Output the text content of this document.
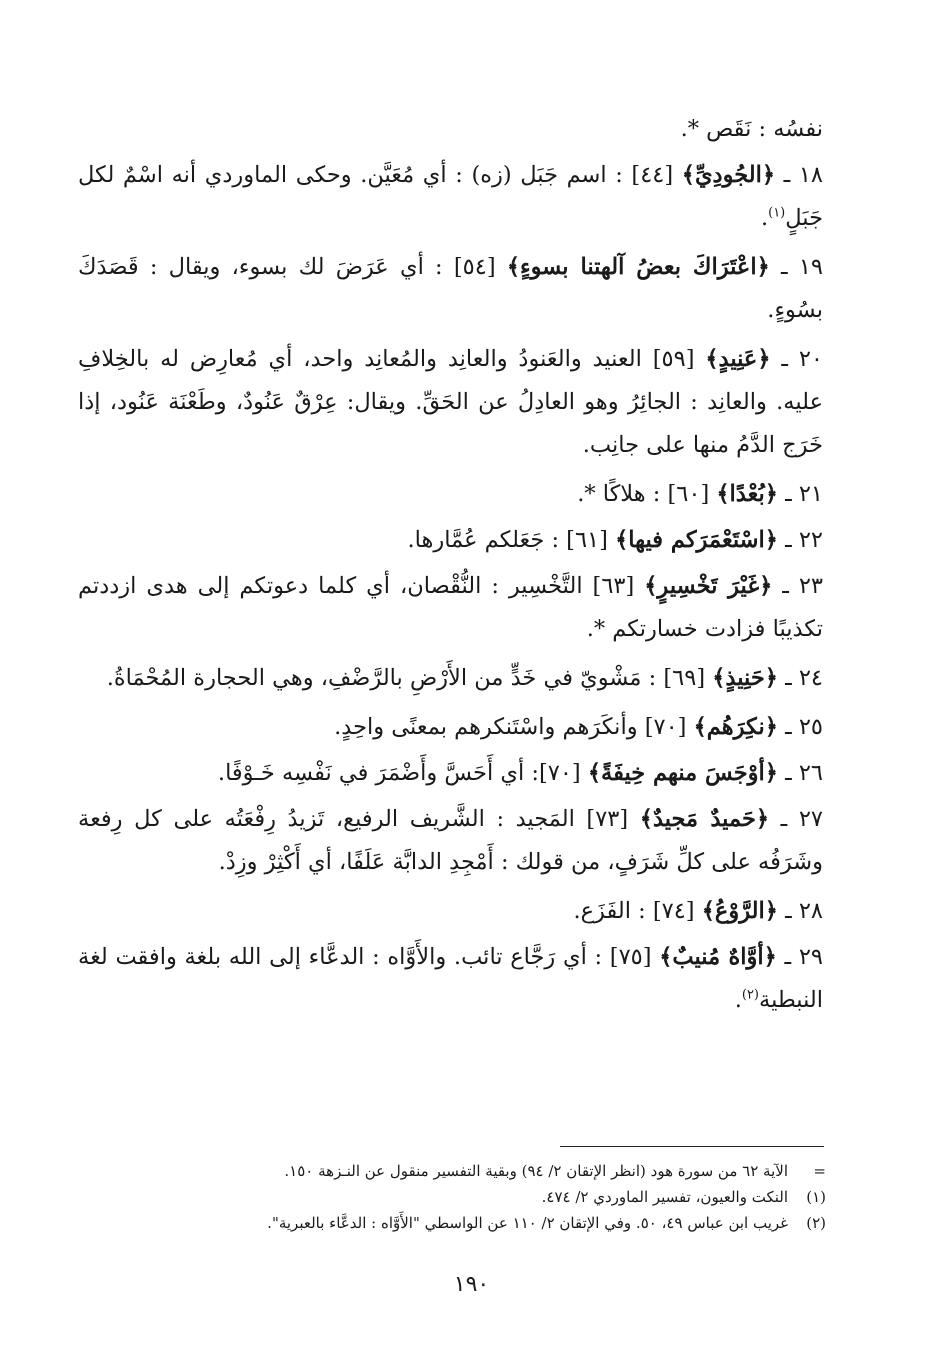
نفسُه : نَقَص *.

١٨ ـ ﴿الجُودِيِّ﴾ [٤٤] : اسم جَبَل (زه) : أي مُعَيَّن. وحكى الماوردي أنه اسْمٌ لكل جَبَلٍ$^{(١)}$.

١٩ ـ ﴿اعْتَرَاكَ بعضُ آلهتنا بسوءٍ﴾ [٥٤] : أي عَرَضَ لك بسوء، ويقال : قَصَدَكَ بسُوءٍ.

٢٠ ـ ﴿عَنِيدٍ﴾ [٥٩] العنيد والعَنودُ والعانِد والمُعانِد واحد، أي مُعارِض له بالخِلافِ عليه. والعانِد : الجائِرُ وهو العادِلُ عن الحَقِّ. ويقال: عِرْقٌ عَنُودٌ، وطَعْنَة عَنُود، إذا خَرَج الدَّمُ منها على جانِب.

٢١ ـ ﴿بُعْدًا﴾ [٦٠] : هلاكًا *.

٢٢ ـ ﴿اسْتَعْمَرَكم فيها﴾ [٦١] : جَعَلكم عُمَّارها.

٢٣ ـ ﴿غَيْرَ تَخْسِيرٍ﴾ [٦٣] التَّخْسِير : النُّقْصان، أي كلما دعوتكم إلى هدى ازددتم تكذيبًا فزادت خسارتكم *.

٢٤ ـ ﴿حَنِيذٍ﴾ [٦٩] : مَشْويّ في خَدٍّ من الأَرْضِ بالرَّضْفِ، وهي الحجارة المُحْمَاةُ.

٢٥ ـ ﴿نكِرَهُم﴾ [٧٠] وأنكَرَهم واسْتَنكرهم بمعنًى واحِدٍ.

٢٦ ـ ﴿أوْجَسَ منهم خِيفَةً﴾ [٧٠]: أي أَحَسَّ وأَضْمَرَ في نَفْسِه خَـوْفًا.

٢٧ ـ ﴿حَميدٌ مَجيدٌ﴾ [٧٣] المَجيد : الشَّريف الرفيع، تَزيدُ رِفْعَتُه على كل رِفعة وشَرَفُه على كلِّ شَرَفٍ، من قولك : أَمْجِدِ الدابَّة عَلَفًا، أي أَكْثِرْ وزِدْ.

٢٨ ـ ﴿الرَّوْعُ﴾ [٧٤] : الفَزَع.

٢٩ ـ ﴿أوَّاهٌ مُنيبٌ﴾ [٧٥] : أي رَجَّاع تائب. والأَوَّاه : الدعَّاء إلى الله بلغة وافقت لغة النبطية$^{(٢)}$.

=
الآية ٦٢ من سورة هود (انظر الإتقان ٢/ ٩٤) وبقية التفسير منقول عن النـزهة ١٥٠.
(١)
النكت والعيون، تفسير الماوردي ٢/ ٤٧٤.
(٢)
غريب ابن عباس ٤٩، ٥٠. وفي الإتقان ٢/ ١١٠ عن الواسطي "الأَوَّاه : الدعَّاء بالعبرية".
١٩٠
